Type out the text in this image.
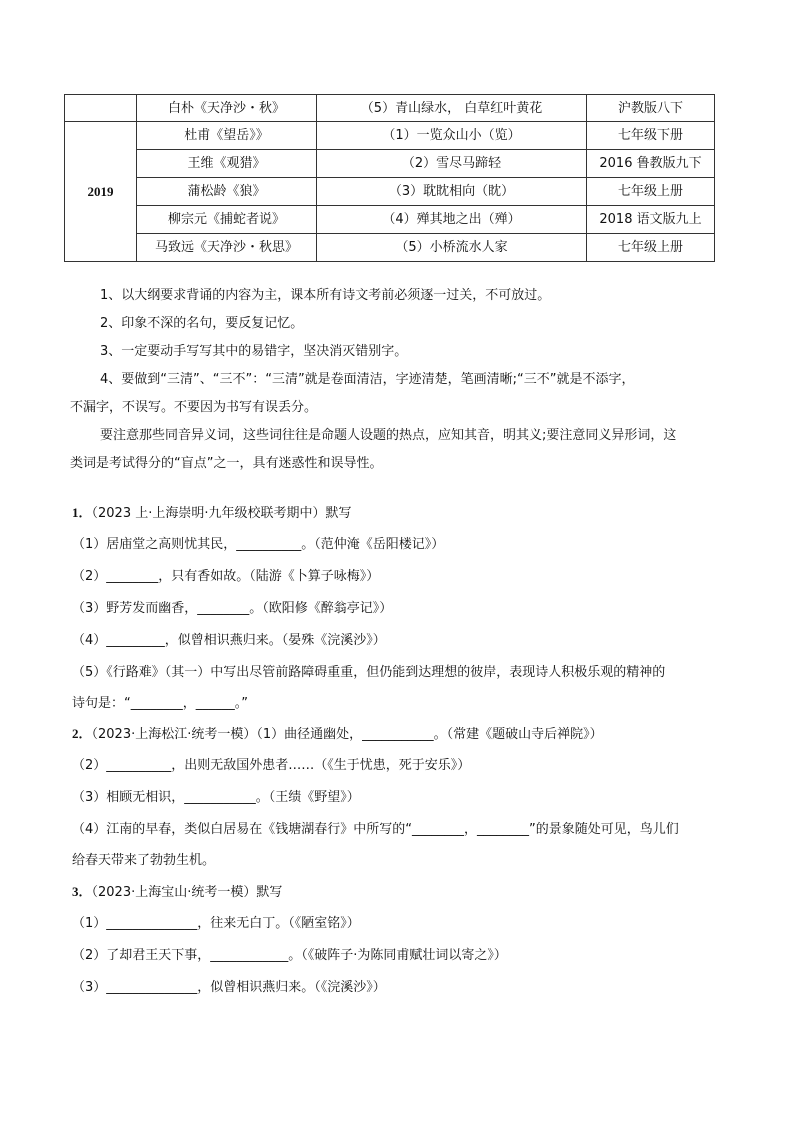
	白朴《天净沙・秋》	（5）青山绿水， 白草红叶黄花	沪教版八下
2019	杜甫《望岳》》	（1）一览众山小（览）	七年级下册
	王维《观猎》	（2）雪尽马蹄轻	2016 鲁教版九下
	蒲松龄《狼》	（3）耽眈相向（眈）	七年级上册
	柳宗元《捕蛇者说》	（4）殚其地之出（殚）	2018 语文版九上
	马致远《天净沙・秋思》	（5）小桥流水人家	七年级上册
1、以大纲要求背诵的内容为主，课本所有诗文考前必须逐一过关，不可放过。
2、印象不深的名句，要反复记忆。
3、一定要动手写写其中的易错字，坚决消灭错别字。
4、要做到“三清”、“三不”：“三清”就是卷面清洁，字迹清楚，笔画清晰;“三不”就是不添字，
不漏字，不误写。不要因为书写有误丢分。
要注意那些同音异义词，这些词往往是命题人设题的热点，应知其音，明其义;要注意同义异形词，这
类词是考试得分的“盲点”之一，具有迷惑性和误导性。
1．（2023 上·上海崇明·九年级校联考期中）默写
（1）居庙堂之高则忧其民，__________。（范仲淹《岳阳楼记》）
（2）________，只有香如故。（陆游《卜算子咏梅》）
（3）野芳发而幽香，________。（欧阳修《醉翁亭记》）
（4）_________，似曾相识燕归来。（晏殊《浣溪沙》）
（5）《行路难》（其一）中写出尽管前路障碍重重，但仍能到达理想的彼岸，表现诗人积极乐观的精神的
诗句是：“________，______。”
2．（2023·上海松江·统考一模）（1）曲径通幽处，___________。（常建《题破山寺后禅院》）
（2）__________，出则无敌国外患者……（《生于忧患，死于安乐》）
（3）相顾无相识，___________。（王绩《野望》）
（4）江南的早春，类似白居易在《钱塘湖春行》中所写的“________，________”的景象随处可见，鸟儿们
给春天带来了勃勃生机。
3．（2023·上海宝山·统考一模）默写
（1）______________，往来无白丁。（《陋室铭》）
（2）了却君王天下事，____________。（《破阵子·为陈同甫赋壮词以寄之》）
（3）______________，似曾相识燕归来。（《浣溪沙》）
